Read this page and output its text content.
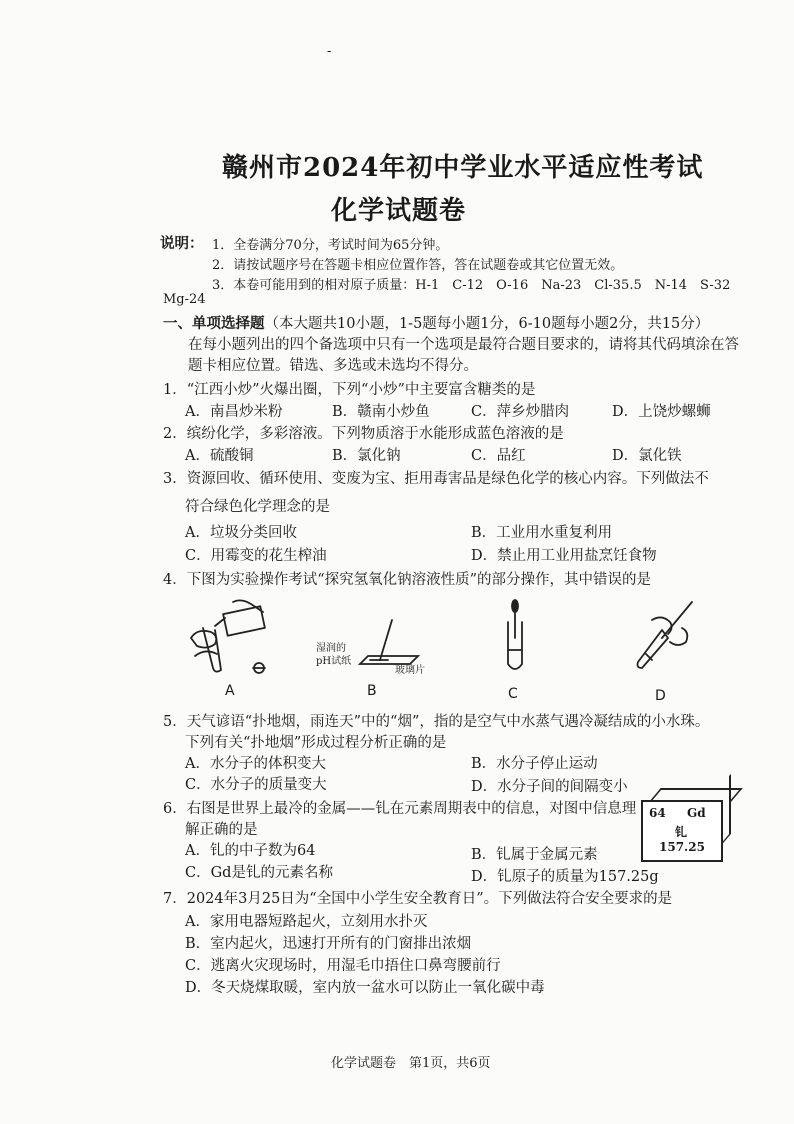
-
赣州市2024年初中学业水平适应性考试
化学试题卷
说明： 1．全卷满分70分，考试时间为65分钟。
2．请按试题序号在答题卡相应位置作答，答在试题卷或其它位置无效。
3．本卷可能用到的相对原子质量：H-1　C-12　O-16　Na-23　Cl-35.5　N-14　S-32
Mg-24
一、单项选择题（本大题共10小题，1-5题每小题1分，6-10题每小题2分，共15分）
在每小题列出的四个备选项中只有一个选项是最符合题目要求的，请将其代码填涂在答
题卡相应位置。错选、多选或未选均不得分。
1．“江西小炒”火爆出圈，下列“小炒”中主要富含糖类的是
A．南昌炒米粉	B．赣南小炒鱼	C．萍乡炒腊肉	D．上饶炒螺蛳
2．缤纷化学，多彩溶液。下列物质溶于水能形成蓝色溶液的是
A．硫酸铜	B．氯化钠	C．品红	D．氯化铁
3．资源回收、循环使用、变废为宝、拒用毒害品是绿色化学的核心内容。下列做法不
符合绿色化学理念的是
A．垃圾分类回收	B．工业用水重复利用
C．用霉变的花生榨油	D．禁止用工业用盐烹饪食物
4．下图为实验操作考试“探究氢氧化钠溶液性质”的部分操作，其中错误的是
A
湿润的
pH试纸
玻璃片
B	C	D
5．天气谚语“扑地烟，雨连天”中的“烟”，指的是空气中水蒸气遇冷凝结成的小水珠。
下列有关“扑地烟”形成过程分析正确的是
A．水分子的体积变大	B．水分子停止运动
C．水分子的质量变大	D．水分子间的间隔变小
64 Gd
钆
157.25
6．右图是世界上最冷的金属——钆在元素周期表中的信息，对图中信息理
解正确的是
A．钆的中子数为64	B．钆属于金属元素
C．Gd是钆的元素名称	D．钆原子的质量为157.25g
7．2024年3月25日为“全国中小学生安全教育日”。下列做法符合安全要求的是
A．家用电器短路起火，立刻用水扑灭
B．室内起火，迅速打开所有的门窗排出浓烟
C．逃离火灾现场时，用湿毛巾捂住口鼻弯腰前行
D．冬天烧煤取暖，室内放一盆水可以防止一氧化碳中毒
化学试题卷　第1页，共6页
